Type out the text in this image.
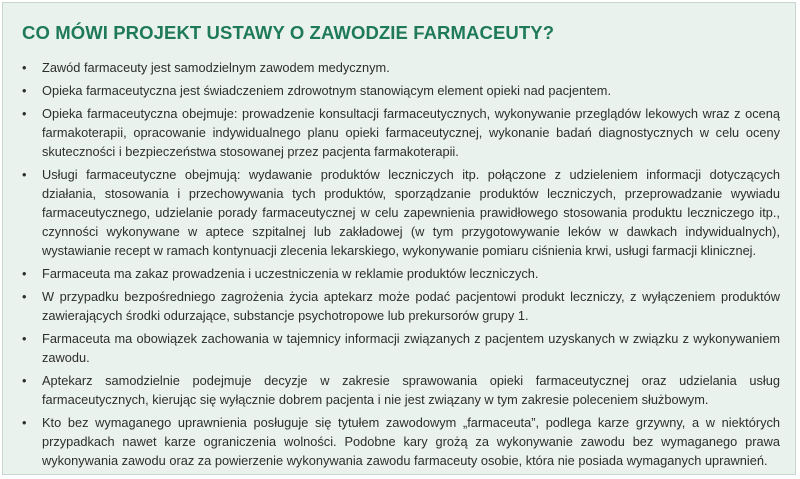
CO MÓWI PROJEKT USTAWY O ZAWODZIE FARMACEUTY?
• Zawód farmaceuty jest samodzielnym zawodem medycznym.
• Opieka farmaceutyczna jest świadczeniem zdrowotnym stanowiącym element opieki nad pacjentem.
• Opieka farmaceutyczna obejmuje: prowadzenie konsultacji farmaceutycznych, wykonywanie przeglądów lekowych wraz z oceną farmakoterapii, opracowanie indywidualnego planu opieki farmaceutycznej, wykonanie badań diagnostycznych w celu oceny skuteczności i bezpieczeństwa stosowanej przez pacjenta farmakoterapii.
• Usługi farmaceutyczne obejmują: wydawanie produktów leczniczych itp. połączone z udzieleniem informacji dotyczących działania, stosowania i przechowywania tych produktów, sporządzanie produktów leczniczych, przeprowadzanie wywiadu farmaceutycznego, udzielanie porady farmaceutycznej w celu zapewnienia prawidłowego stosowania produktu leczniczego itp., czynności wykonywane w aptece szpitalnej lub zakładowej (w tym przygotowywanie leków w dawkach indywidualnych), wystawianie recept w ramach kontynuacji zlecenia lekarskiego, wykonywanie pomiaru ciśnienia krwi, usługi farmacji klinicznej.
• Farmaceuta ma zakaz prowadzenia i uczestniczenia w reklamie produktów leczniczych.
• W przypadku bezpośredniego zagrożenia życia aptekarz może podać pacjentowi produkt leczniczy, z wyłączeniem produktów zawierających środki odurzające, substancje psychotropowe lub prekursorów grupy 1.
• Farmaceuta ma obowiązek zachowania w tajemnicy informacji związanych z pacjentem uzyskanych w związku z wykonywaniem zawodu.
• Aptekarz samodzielnie podejmuje decyzje w zakresie sprawowania opieki farmaceutycznej oraz udzielania usług farmaceutycznych, kierując się wyłącznie dobrem pacjenta i nie jest związany w tym zakresie poleceniem służbowym.
• Kto bez wymaganego uprawnienia posługuje się tytułem zawodowym „farmaceuta”, podlega karze grzywny, a w niektórych przypadkach nawet karze ograniczenia wolności. Podobne kary grożą za wykonywanie zawodu bez wymaganego prawa wykonywania zawodu oraz za powierzenie wykonywania zawodu farmaceuty osobie, która nie posiada wymaganych uprawnień.
